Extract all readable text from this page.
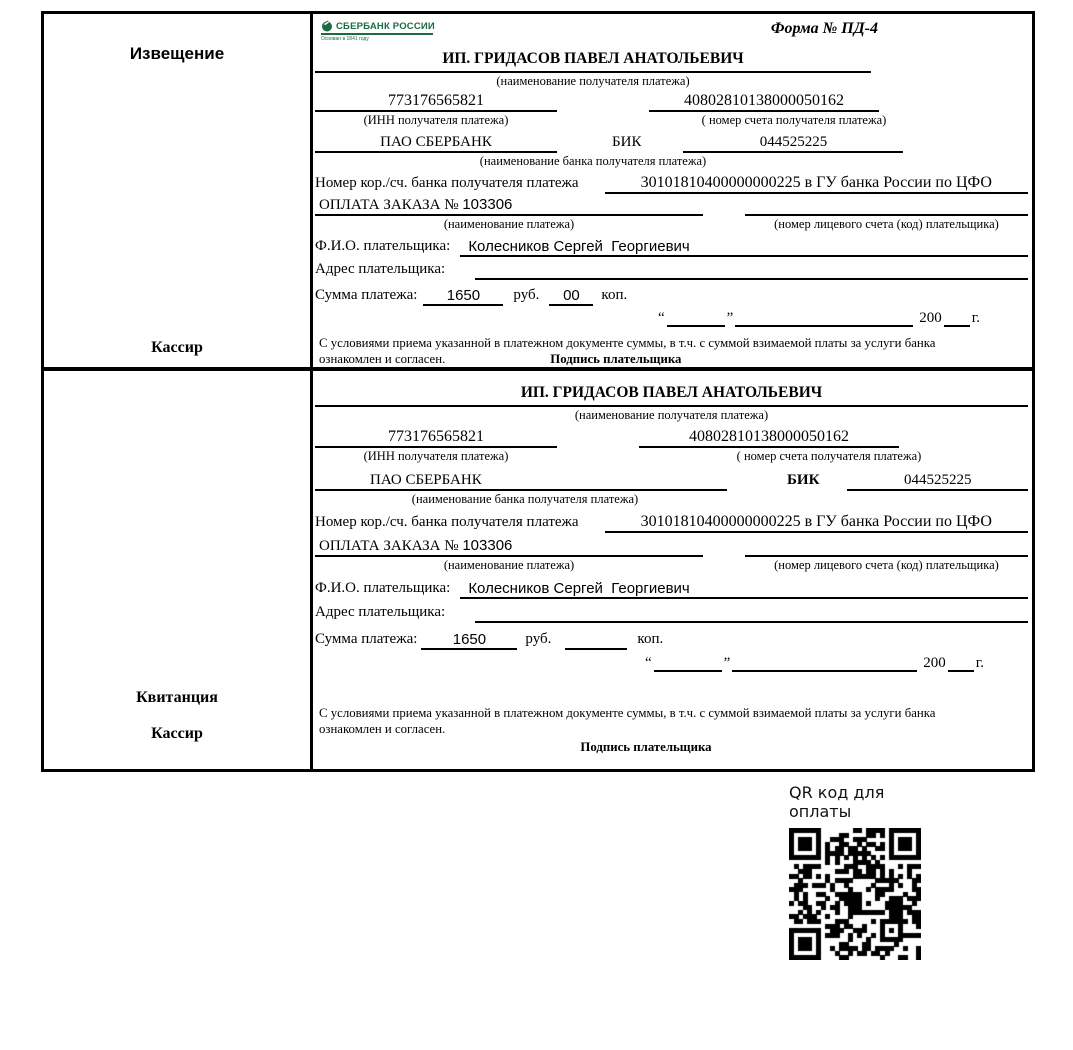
Извещение
Кассир
СБЕРБАНК РОССИИ
Основан в 1841 году
Форма № ПД-4
ИП. ГРИДАСОВ ПАВЕЛ АНАТОЛЬЕВИЧ
(наименование получателя платежа)
773176565821	40802810138000050162
(ИНН получателя платежа)	( номер счета получателя платежа)
ПАО СБЕРБАНК	БИК	044525225
(наименование банка получателя платежа)
Номер кор./сч. банка получателя платежа	30101810400000000225 в ГУ банка России по ЦФО
ОПЛАТА ЗАКАЗА № 103306
(наименование платежа)	(номер лицевого счета (код) плательщика)
Ф.И.О. плательщика:	Колесников Сергей  Георгиевич
Адрес плательщика:
Сумма платежа:	1650	руб.	00	коп.
“	”	200 г.
С условиями приема указанной в платежном документе суммы, в т.ч. с суммой взимаемой платы за услуги банка
ознакомлен и согласен.	Подпись плательщика
Квитанция
Кассир
ИП. ГРИДАСОВ ПАВЕЛ АНАТОЛЬЕВИЧ
(наименование получателя платежа)
773176565821	40802810138000050162
(ИНН получателя платежа)	( номер счета получателя платежа)
ПАО СБЕРБАНК	БИК	044525225
(наименование банка получателя платежа)
Номер кор./сч. банка получателя платежа	30101810400000000225 в ГУ банка России по ЦФО
ОПЛАТА ЗАКАЗА № 103306
(наименование платежа)	(номер лицевого счета (код) плательщика)
Ф.И.О. плательщика:	Колесников Сергей  Георгиевич
Адрес плательщика:
Сумма платежа:	1650	руб.	коп.
“	”	200 г.
С условиями приема указанной в платежном документе суммы, в т.ч. с суммой взимаемой платы за услуги банка
ознакомлен и согласен.
Подпись плательщика
QR код для оплаты
